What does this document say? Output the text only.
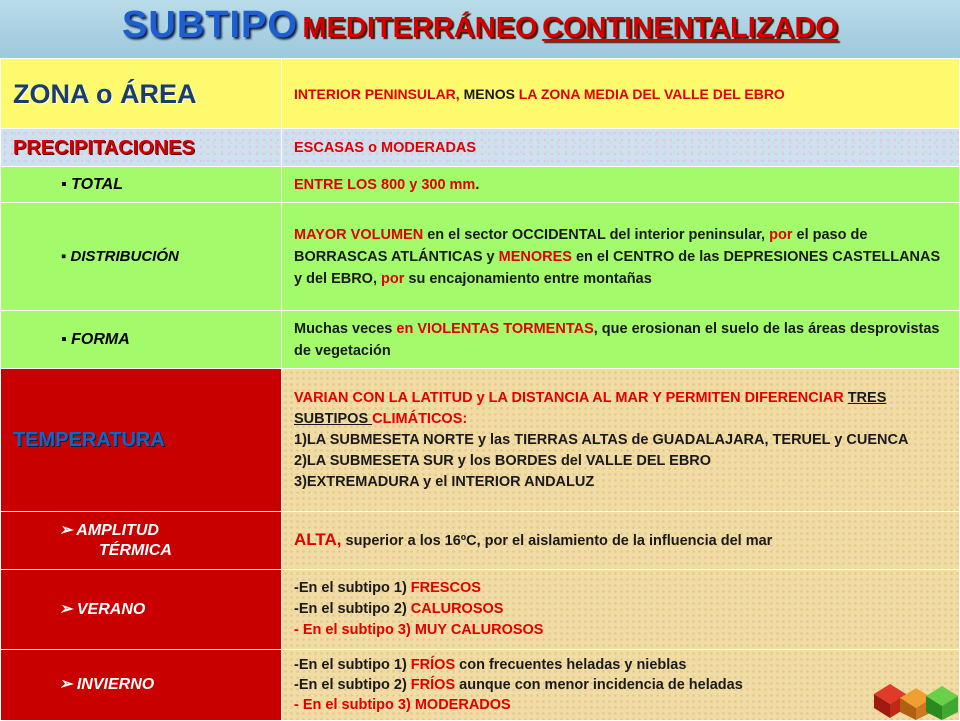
SUBTIPO MEDITERRÁNEO CONTINENTALIZADO
ZONA o ÁREA	INTERIOR PENINSULAR, MENOS LA ZONA MEDIA DEL VALLE DEL EBRO
PRECIPITACIONES	ESCASAS o MODERADAS
▪ TOTAL	ENTRE LOS 800 y 300 mm.
▪ DISTRIBUCIÓN	MAYOR VOLUMEN en el sector OCCIDENTAL del interior peninsular, por el paso de BORRASCAS ATLÁNTICAS y MENORES en el CENTRO de las DEPRESIONES CASTELLANAS y del EBRO, por su encajonamiento entre montañas
▪ FORMA	Muchas veces en VIOLENTAS TORMENTAS, que erosionan el suelo de las áreas desprovistas de vegetación
TEMPERATURA	VARIAN CON LA LATITUD y LA DISTANCIA AL MAR Y PERMITEN DIFERENCIAR TRES SUBTIPOS CLIMÁTICOS:
1)LA SUBMESETA NORTE y las TIERRAS ALTAS de GUADALAJARA, TERUEL y CUENCA
2)LA SUBMESETA SUR y los BORDES del VALLE DEL EBRO
3)EXTREMADURA y el INTERIOR ANDALUZ

➢ AMPLITUD
TÉRMICA	ALTA, superior a los 16ºC, por el aislamiento de la influencia del mar
➢ VERANO	-En el subtipo 1) FRESCOS
-En el subtipo 2) CALUROSOS
- En el subtipo 3) MUY CALUROSOS

➢ INVIERNO	-En el subtipo 1) FRÍOS con frecuentes heladas y nieblas
-En el subtipo 2) FRÍOS aunque con menor incidencia de heladas
- En el subtipo 3) MODERADOS
